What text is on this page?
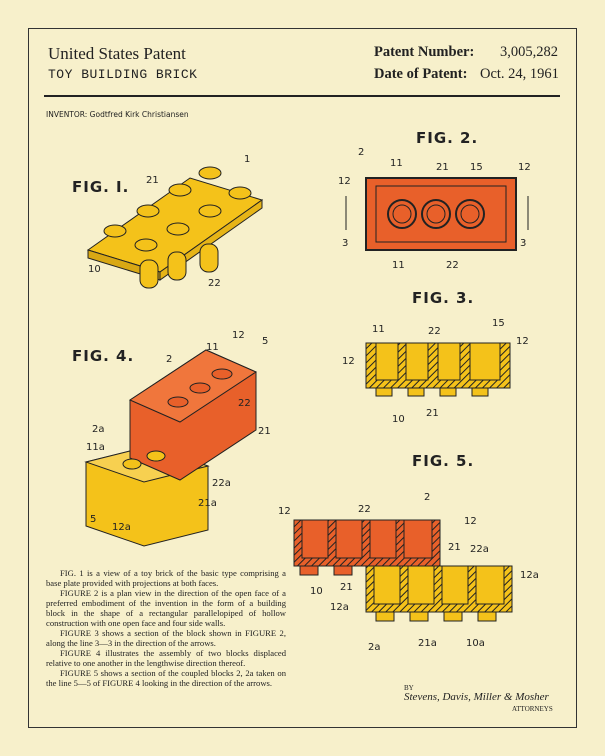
United States Patent
TOY BUILDING BRICK
Patent Number: 3,005,282
Date of Patent: Oct. 24, 1961
INVENTOR: Godtfred Kirk Christiansen
FIG. I.
1
21
10
22
FIG. 2.
2
11	21 15
12
12
3	3
11	22
FIG. 3.
11	22
15
12
12
10
21
FIG. 4.	11
12
5
2
22
21
2a
11a
22a
21a
5
12a
FIG. 5.
2
22
12
12
21 22a
10 21
12a
12a
2a	21a	10a

FIG. 1 is a view of a toy brick of the basic type comprising a base plate provided with projections at both faces.

FIGURE 2 is a plan view in the direction of the open face of a preferred embodiment of the invention in the form of a building block in the shape of a rectangular parallelopiped of hollow construction with one open face and four side walls.

FIGURE 3 shows a section of the block shown in FIGURE 2, along the line 3—3 in the direction of the arrows.

FIGURE 4 illustrates the assembly of two blocks displaced relative to one another in the lengthwise direction thereof.

FIGURE 5 shows a section of the coupled blocks 2, 2a taken on the line 5—5 of FIGURE 4 looking in the direction of the arrows.	BY
Stevens, Davis, Miller & Mosher
ATTORNEYS
